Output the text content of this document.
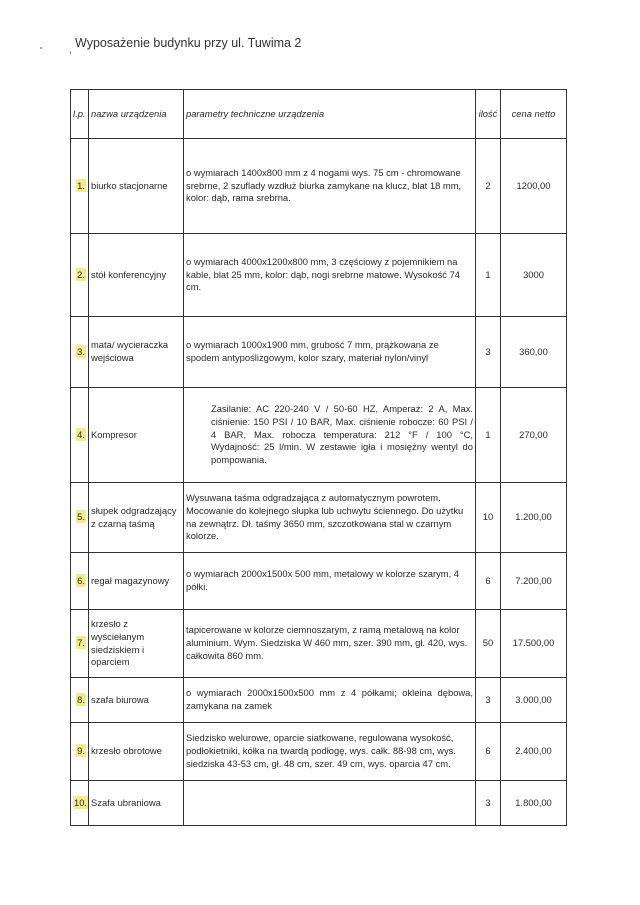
Wyposażenie budynku przy ul. Tuwima 2
l.p.	nazwa urządzenia	parametry techniczne urządzenia	ilość	cena netto
1.	biurko stacjonarne	o wymiarach 1400x800 mm z 4 nogami wys. 75 cm - chromowane srebrne, 2 szuflady wzdłuż biurka zamykane na klucz, blat 18 mm, kolor: dąb, rama srebrna.	2	1200,00
2.	stół konferencyjny	o wymiarach 4000x1200x800 mm, 3 częściowy z pojemnikiem na kable, blat 25 mm, kolor: dąb, nogi srebrne matowe. Wysokość 74 cm.	1	3000
3.	mata/ wycieraczka wejściowa	o wymiarach 1000x1900 mm, grubość 7 mm, prążkowana ze spodem antypoślizgowym, kolor szary, materiał nylon/vinyl	3	360,00
4.	Kompresor	Zasilanie: AC 220-240 V / 50-60 HZ, Amperaż: 2 A, Max. ciśnienie: 150 PSI / 10 BAR, Max. ciśnienie robocze: 60 PSI / 4 BAR, Max. robocza temperatura: 212 °F / 100 °C, Wydajność: 25 l/min. W zestawie igła i mosiężny wentyl do pompowania.	1	270,00
5.	słupek odgradzający z czarną taśmą	Wysuwana taśma odgradzająca z automatycznym powrotem. Mocowanie do kolejnego słupka lub uchwytu ściennego. Do użytku na zewnątrz. Dł. taśmy 3650 mm, szczotkowana stal w czarnym kolorze.	10	1.200,00
6.	regał magazynowy	o wymiarach 2000x1500x 500 mm, metalowy w kolorze szarym, 4 półki.	6	7.200,00
7.	krzesło z wyściełanym siedziskiem i oparciem	tapicerowane w kolorze ciemnoszarym, z ramą metalową na kolor aluminium. Wym. Siedziska W 460 mm, szer. 390 mm, gł. 420, wys. całkowita 860 mm.	50	17.500,00
8.	szafa biurowa	o wymiarach 2000x1500x500 mm z 4 półkami; okleina dębowa, zamykana na zamek	3	3.000,00
9.	krzesło obrotowe	Siedzisko welurowe, oparcie siatkowane, regulowana wysokość, podłokietniki, kółka na twardą podłogę, wys. całk. 88-98 cm, wys. siedziska 43-53 cm, gł. 48 cm, szer. 49 cm, wys. oparcia 47 cm.	6	2.400,00
10.	Szafa ubraniowa		3	1.800,00
